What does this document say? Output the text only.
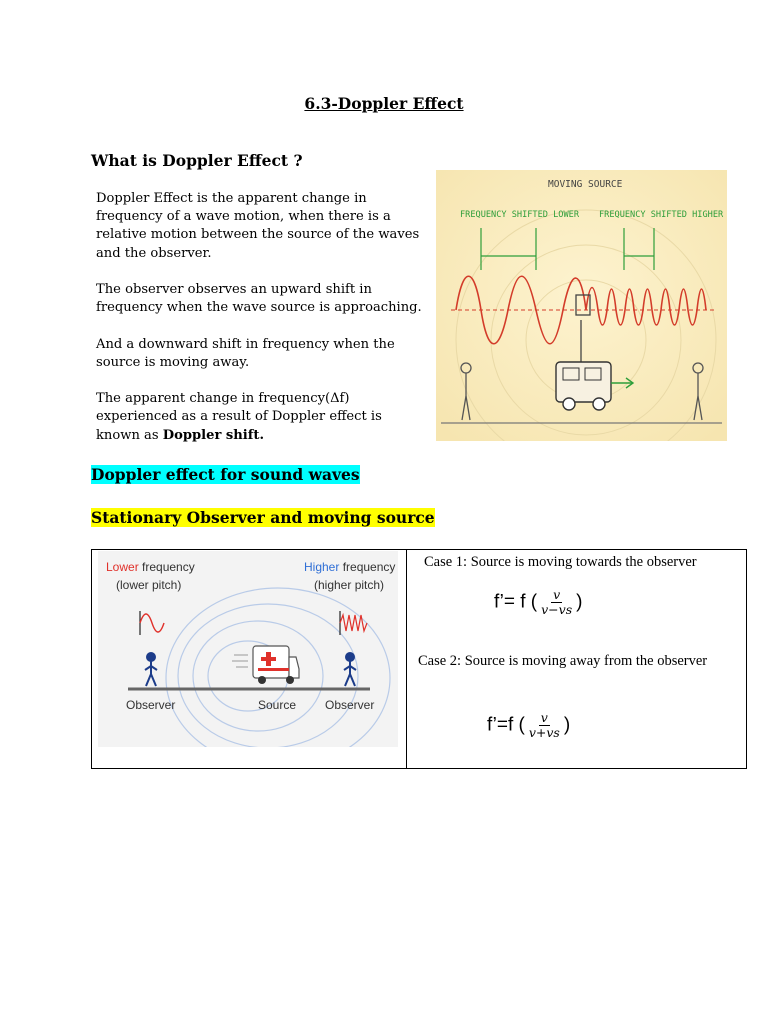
6.3-Doppler Effect
What is Doppler Effect ?

Doppler Effect is the apparent change in frequency of a wave motion, when there is a relative motion between the source of the waves and the observer.

The observer observes an upward shift in frequency when the wave source is approaching.

And a downward shift in frequency when the source is moving away.

The apparent change in frequency(Δf) experienced as a result of Doppler effect is known as Doppler shift.

MOVING SOURCE
FREQUENCY SHIFTED LOWER FREQUENCY SHIFTED HIGHER
Doppler effect for sound waves
Stationary Observer and moving source
Lower frequency
(lower pitch)
Higher frequency
(higher pitch)
Observer	Source Observer
Case 1: Source is moving towards the observer
f’= f ( $\frac{v}{v-vs}$ )
Case 2: Source is moving away from the observer
f’=f ( $\frac{v}{v+vs}$ )
